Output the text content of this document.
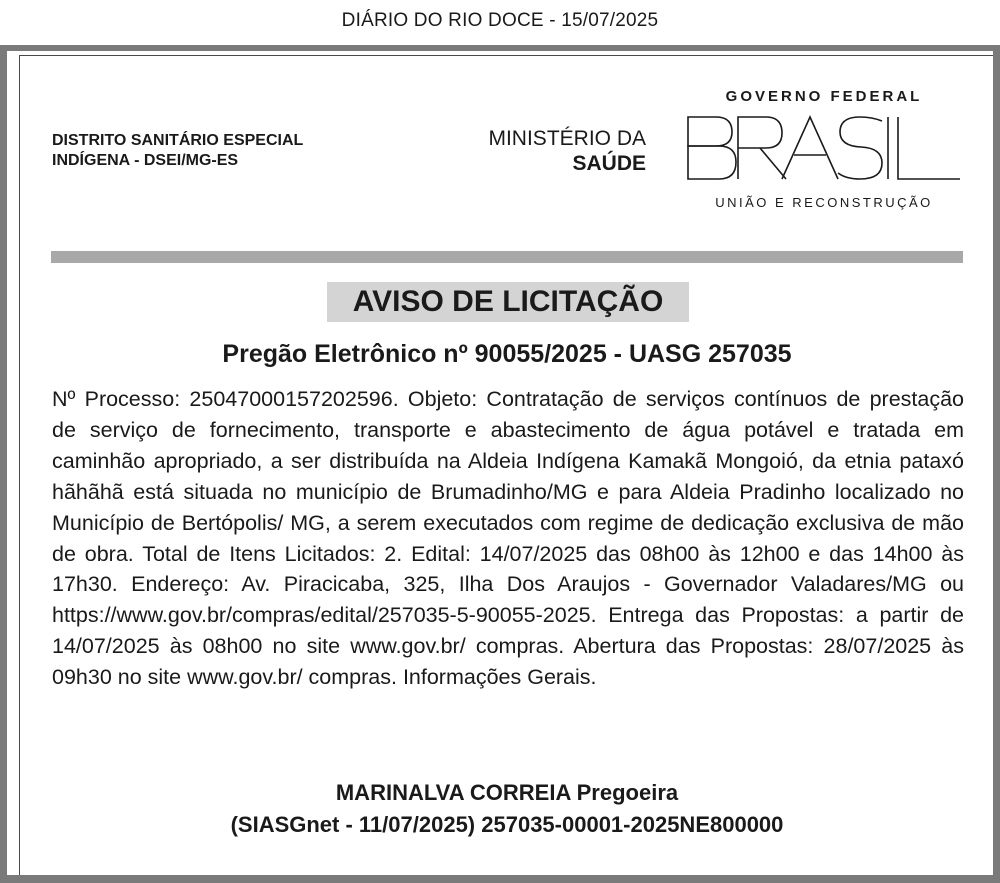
DIÁRIO DO RIO DOCE - 15/07/2025
DISTRITO SANITÁRIO ESPECIAL
INDÍGENA - DSEI/MG-ES
MINISTÉRIO DA
SAÚDE
GOVERNO FEDERAL
UNIÃO E RECONSTRUÇÃO
AVISO DE LICITAÇÃO
Pregão Eletrônico nº 90055/2025 - UASG 257035
Nº Processo: 25047000157202596. Objeto: Contratação de serviços contínuos de prestação de serviço de fornecimento, transporte e abastecimento de água potável e tratada em caminhão apropriado, a ser distribuída na Aldeia Indígena Kamakã Mongoió, da etnia pataxó hãhãhã está situada no município de Brumadinho/MG e para Aldeia Pradinho localizado no Município de Bertópolis/ MG, a serem executados com regime de dedicação exclusiva de mão de obra. Total de Itens Licitados: 2. Edital: 14/07/2025 das 08h00 às 12h00 e das 14h00 às 17h30. Endereço: Av. Piracicaba, 325, Ilha Dos Araujos - Governador Valadares/MG ou https://www.gov.br/compras/edital/257035-5-90055-2025. Entrega das Propostas: a partir de 14/07/2025 às 08h00 no site www.gov.br/ compras. Abertura das Propostas: 28/07/2025 às 09h30 no site www.gov.br/ compras. Informações Gerais.
MARINALVA CORREIA Pregoeira
(SIASGnet - 11/07/2025) 257035-00001-2025NE800000
